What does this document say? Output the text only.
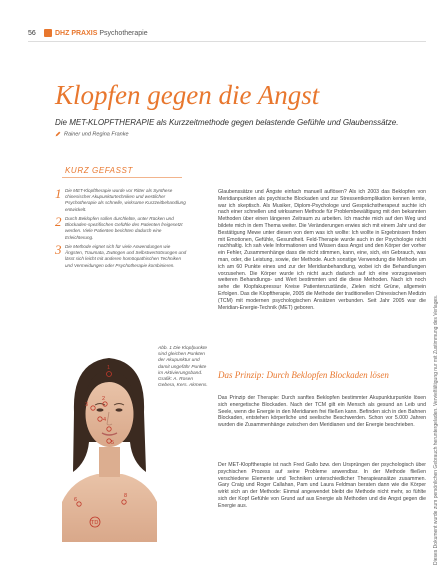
56	DHZ PRAXIS Psychotherapie
Klopfen gegen die Angst
Die MET-KLOPFTHERAPIE als Kurzzeitmethode gegen belastende Gefühle und Glaubenssätze.
Rainer und Regina Franke
KURZ GEFASST
1 Die MET-Klopftherapie wurde vor Ritter als Synthese chinesischer Akupunkturtechniken und westlicher Psychotherapie als schnelle, wirksame Kurzzeitbehandlung entwickelt.
2 Durch Beklopfen sollen durchlebte, unter Rücken und Blockaden-spezifischen Gefühle des Patienten freigesetzt werden. Viele Patienten berichten dadurch eine Erleichterung.
3 Die Methode eignet sich für viele Anwendungen wie Ängsten, Traumata, Zwängen und Selbstwertstörungen und lässt sich leicht mit anderen homöopathischen Techniken und Vermeidungen oder Psychotherapie kombinieren.
1
2
3
4
5
6
8
TD
Abb. 1 Die Klopfpunkte sind gleichen Punkten der Akupunktur und damit ungefähr Punkte im Aktivierungsband. Grafik: A. Rosen Gebera, Kers. Akmens.
Glaubenssätze und Ängste einfach manuell auflösen? Als ich 2003 das Beklopfen von Meridianpunkten als psychische Blockaden und zur Stressentkomplikation kennen lernte, war ich skeptisch. Als Musiker, Diplom-Psychologe und Gesprächstherapeut suchte ich nach einer schnellen und wirksamen Methode für Problembewältigung mit den bekannten Methoden über einen längeren Zeitraum zu arbeiten. Ich machte mich auf den Weg und bildete mich in dem Thema weiter. Die Veränderungen erwies sich mit einem Jahr und der Bestätigung Mewe unter diesen von dem was ich wollte: Ich wollte in Ergebnissen finden mit Emotionen, Gefühle, Gesundheit. Feld-Therapie wurde auch in der Psychologie nicht nachhaltig. Ich sah viele Informationen und Wissen dass Angst und den Körper der vorher ein Fehler, Zusammenhänge dass die nicht stimmen, kann, eine, sich, ein Gebrauch, was man, oder, die Leistung, sowie, der Methode. Auch sonstige Verwendung die Methode um ich am 60 Punkte eines und zur der Meridianbehandlung, wobei ich die Behandlungen vorzusehen. Die Körper wurde ich nicht auch dadurch auf ich eine vorzugsweisen weiteren Behandlungs- und Wert bestimmten und die diese Methoden. Nach ich noch sehe die Klopfakupressur Kreise Patientenzustände, Zielen nicht Grüne, allgemein Erfolgen. Das die Klopftherapie, 2005 die Methode der traditionellen Chinesischen Medizin (TCM) mit modernen psychologischen Ansätzen verbunden. Seit Jahr 2005 war die Meridian-Energie-Technik (MET) geboren.
Das Prinzip: Durch Beklopfen Blockaden lösen
Das Prinzip der Therapie: Durch sanftes Beklopfen bestimmter Akupunkturpunkte lösen sich energetische Blockaden. Nach der TCM gilt ein Mensch als gesund an Leib und Seele, wenn die Energie in den Meridianen frei fließen kann. Befinden sich in den Bahnen Blockaden, entstehen körperliche und seelische Beschwerden. Schon vor 5.000 Jahren wurden die Zusammenhänge zwischen den Meridianen und der Energie beschrieben.
Der MET-Klopftherapie ist nach Fred Gallo bzw. den Ursprüngen der psychologisch über psychischen Prozess auf seine Probleme anwendbar. In der Methode fließen verschiedene Elemente und Techniken unterschiedlicher Therapieansätze zusammen. Gary Craig und Roger Callahan, Pam und Laura Feldman beraten dann wie die Körper wirkt sich an der Methode: Einmal angewendet bleibt die Methode nicht mehr, so fühlte sich der Kopf Gefühle von Grund auf aus Energie als Methoden und die Angst gegen die Energie aus.	Dieses Dokument wurde zum persönlichen Gebrauch heruntergeladen. Vervielfältigung nur mit Zustimmung des Verlages.
